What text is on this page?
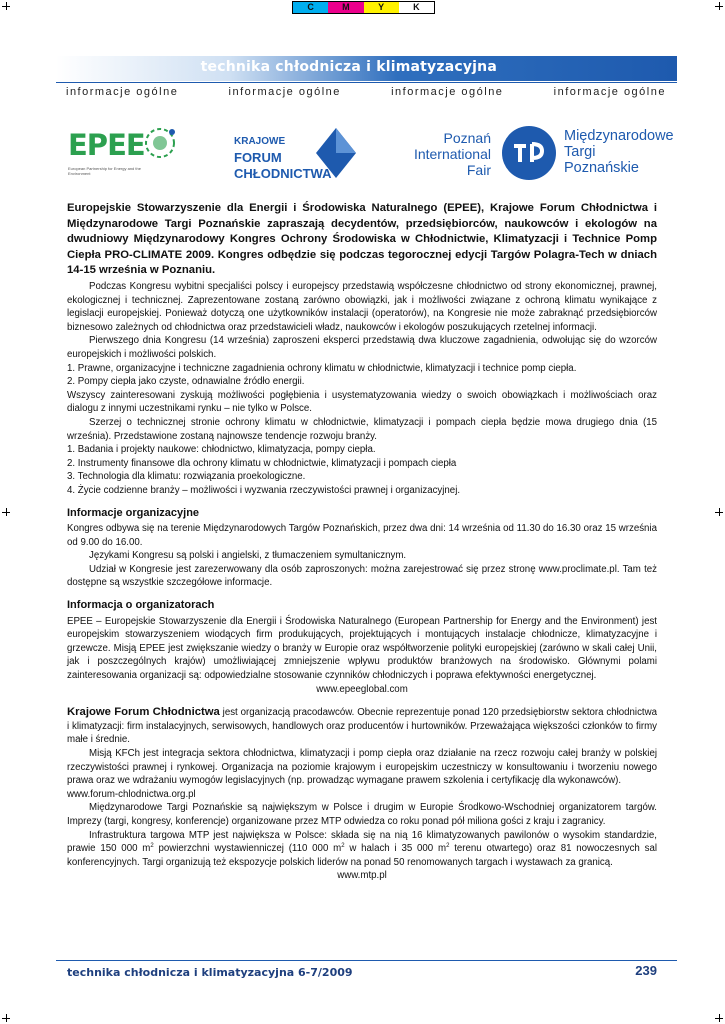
C	M	Y	K
technika chłodnicza i klimatyzacyjna
informacje ogólne	informacje ogólne	informacje ogólne	informacje ogólne
EPEE
European Partnership for Energy and the Environment
KRAJOWE
FORUM
CHŁODNICTWA
Poznań
International
Fair
Międzynarodowe
Targi
Poznańskie
Europejskie Stowarzyszenie dla Energii i Środowiska Naturalnego (EPEE), Krajowe Forum Chłodnictwa i Międzynarodowe Targi Poznańskie zapraszają decydentów, przedsiębiorców, naukowców i ekologów na dwudniowy Międzynarodowy Kongres Ochrony Środowiska w Chłodnictwie, Klimatyzacji i Technice Pomp Ciepła PRO-CLIMATE 2009. Kongres odbędzie się podczas tegorocznej edycji Targów Polagra-Tech w dniach 14-15 września w Poznaniu.

Podczas Kongresu wybitni specjaliści polscy i europejscy przedstawią współczesne chłodnictwo od strony ekonomicznej, prawnej, ekologicznej i technicznej. Zaprezentowane zostaną zarówno obowiązki, jak i możliwości związane z ochroną klimatu wynikające z legislacji europejskiej. Ponieważ dotyczą one użytkowników instalacji (operatorów), na Kongresie nie może zabraknąć przedsiębiorców biznesowo zależnych od chłodnictwa oraz przedstawicieli władz, naukowców i ekologów poszukujących rzetelnej informacji.

Pierwszego dnia Kongresu (14 września) zaproszeni eksperci przedstawią dwa kluczowe zagadnienia, odwołując się do wzorców europejskich i możliwości polskich.

1. Prawne, organizacyjne i techniczne zagadnienia ochrony klimatu w chłodnictwie, klimatyzacji i technice pomp ciepła.

2. Pompy ciepła jako czyste, odnawialne źródło energii.

Wszyscy zainteresowani zyskują możliwości pogłębienia i usystematyzowania wiedzy o swoich obowiązkach i możliwościach oraz dialogu z innymi uczestnikami rynku – nie tylko w Polsce.

Szerzej o technicznej stronie ochrony klimatu w chłodnictwie, klimatyzacji i pompach ciepła będzie mowa drugiego dnia (15 września). Przedstawione zostaną najnowsze tendencje rozwoju branży.

1. Badania i projekty naukowe: chłodnictwo, klimatyzacja, pompy ciepła.

2. Instrumenty finansowe dla ochrony klimatu w chłodnictwie, klimatyzacji i pompach ciepła

3. Technologia dla klimatu: rozwiązania proekologiczne.

4. Życie codzienne branży – możliwości i wyzwania rzeczywistości prawnej i organizacyjnej.

Informacje organizacyjne

Kongres odbywa się na terenie Międzynarodowych Targów Poznańskich, przez dwa dni: 14 września od 11.30 do 16.30 oraz 15 września od 9.00 do 16.00.

Językami Kongresu są polski i angielski, z tłumaczeniem symultanicznym.

Udział w Kongresie jest zarezerwowany dla osób zaproszonych: można zarejestrować się przez stronę www.proclimate.pl. Tam też dostępne są wszystkie szczegółowe informacje.

Informacja o organizatorach

EPEE – Europejskie Stowarzyszenie dla Energii i Środowiska Naturalnego (European Partnership for Energy and the Environment) jest europejskim stowarzyszeniem wiodących firm produkujących, projektujących i montujących instalacje chłodnicze, klimatyzacyjne i grzewcze. Misją EPEE jest zwiększanie wiedzy o branży w Europie oraz współtworzenie polityki europejskiej (zarówno w skali całej Unii, jak i poszczególnych krajów) umożliwiającej zmniejszenie wpływu produktów branżowych na środowisko. Głównymi polami zainteresowania organizacji są: odpowiedzialne stosowanie czynników chłodniczych i poprawa efektywności energetycznej.

www.epeeglobal.com

Krajowe Forum Chłodnictwa jest organizacją pracodawców. Obecnie reprezentuje ponad 120 przedsiębiorstw sektora chłodnictwa i klimatyzacji: firm instalacyjnych, serwisowych, handlowych oraz producentów i hurtowników. Przeważająca większości członków to firmy małe i średnie.

Misją KFCh jest integracja sektora chłodnictwa, klimatyzacji i pomp ciepła oraz działanie na rzecz rozwoju całej branży w polskiej rzeczywistości prawnej i rynkowej. Organizacja na poziomie krajowym i europejskim uczestniczy w konsultowaniu i tworzeniu nowego prawa oraz we wdrażaniu wymogów legislacyjnych (np. prowadząc wymagane prawem szkolenia i certyfikację dla wykonawców).

www.forum-chlodnictwa.org.pl

Międzynarodowe Targi Poznańskie są największym w Polsce i drugim w Europie Środkowo-Wschodniej organizatorem targów. Imprezy (targi, kongresy, konferencje) organizowane przez MTP odwiedza co roku ponad pół miliona gości z kraju i zagranicy.

Infrastruktura targowa MTP jest największa w Polsce: składa się na nią 16 klimatyzowanych pawilonów o wysokim standardzie, prawie 150 000 $m^2$ powierzchni wystawienniczej (110 000 $m^2$ w halach i 35 000 $m^2$ terenu otwartego) oraz 81 nowoczesnych sal konferencyjnych. Targi organizują też ekspozycje polskich liderów na ponad 50 renomowanych targach i wystawach za granicą.

www.mtp.pl

technika chłodnicza i klimatyzacyjna 6-7/2009	239
